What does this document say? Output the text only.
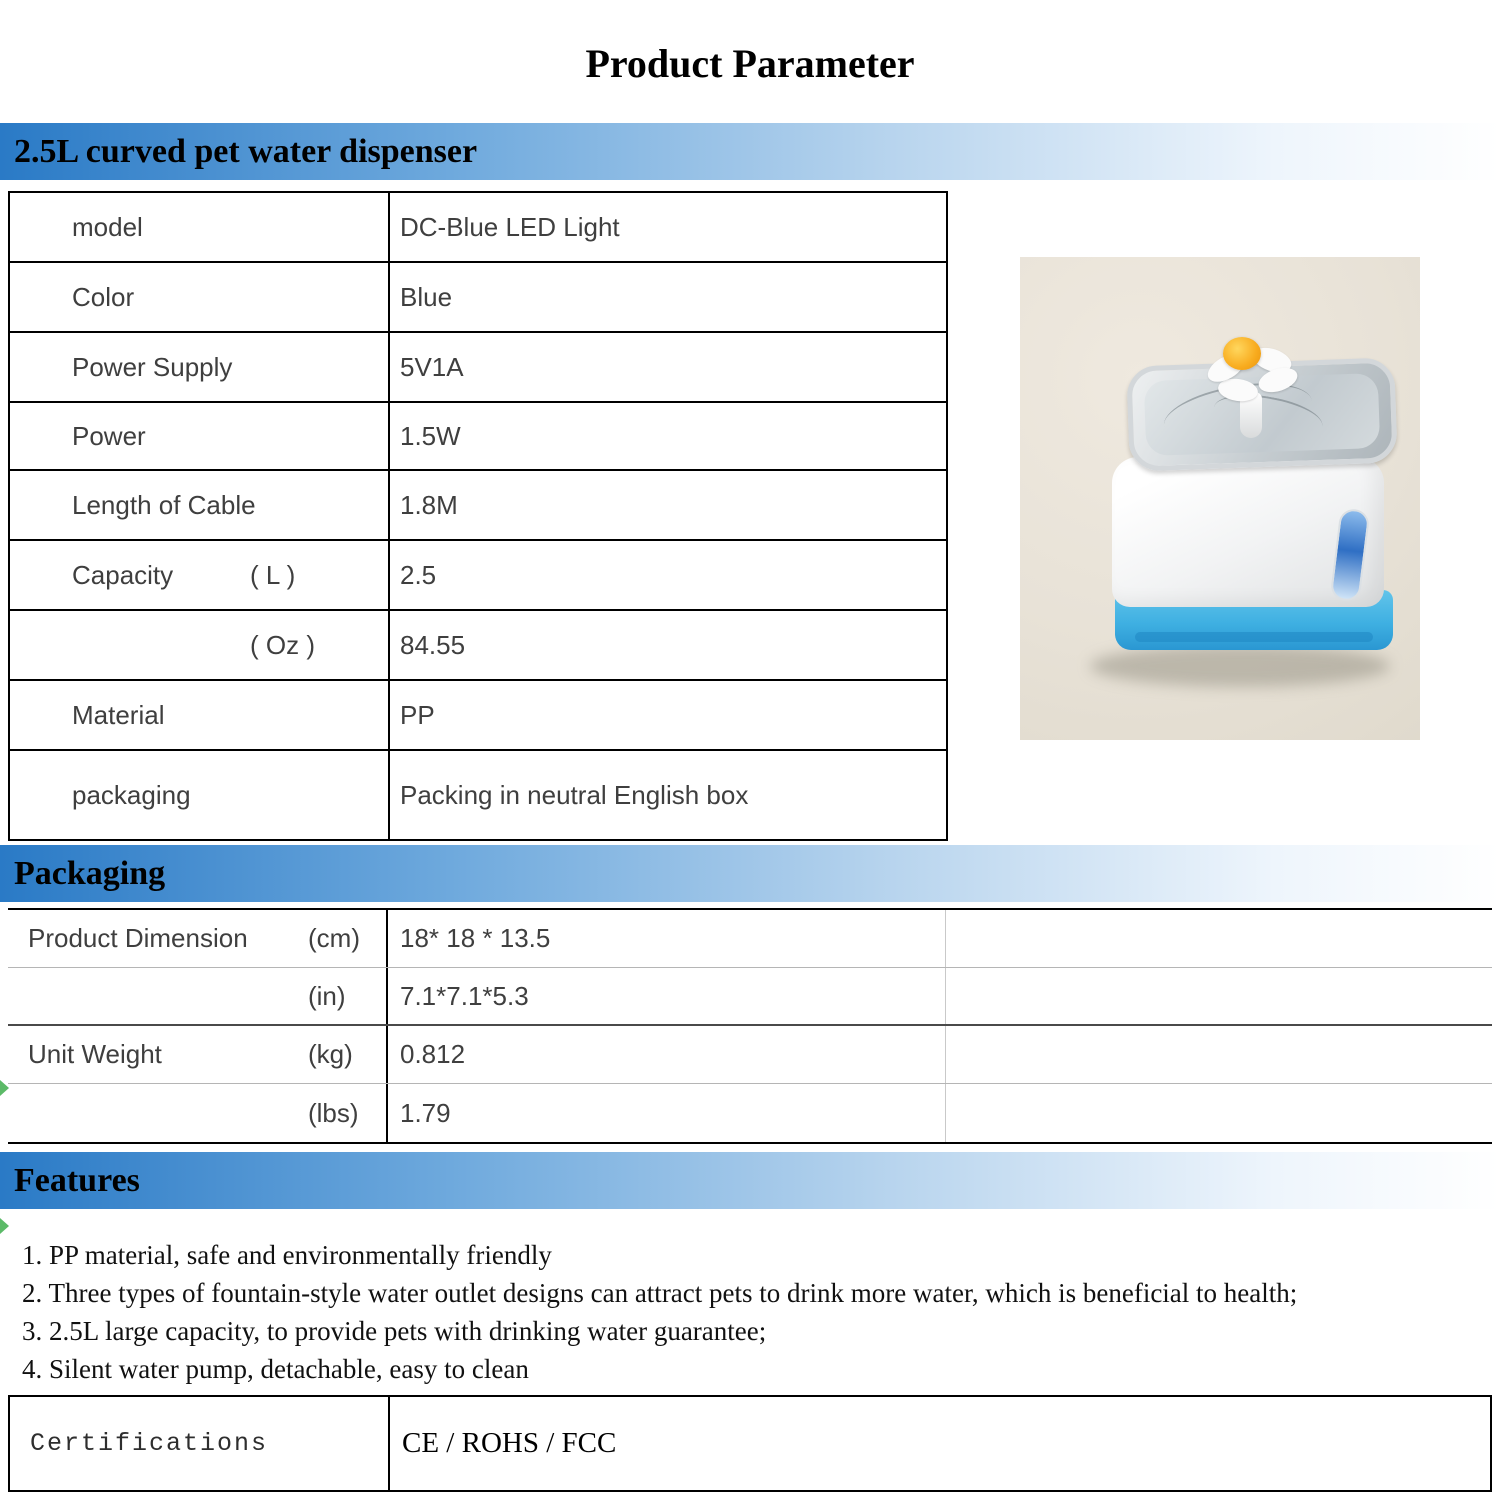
Product Parameter
2.5L curved pet water dispenser
model	DC-Blue LED Light
Color	Blue
Power Supply	5V1A
Power	1.5W
Length of Cable	1.8M
Capacity	( L )	2.5
( Oz )	84.55
Material	PP
packaging	Packing in neutral English box
Packaging
Product Dimension (cm)	18* 18 * 13.5
(in)	7.1*7.1*5.3
Unit Weight	(kg)	0.812
(lbs)	1.79
Features
1. PP material, safe and environmentally friendly
2. Three types of fountain-style water outlet designs can attract pets to drink more water, which is beneficial to health;
3. 2.5L large capacity, to provide pets with drinking water guarantee;
4. Silent water pump, detachable, easy to clean
Certifications	CE / ROHS / FCC
